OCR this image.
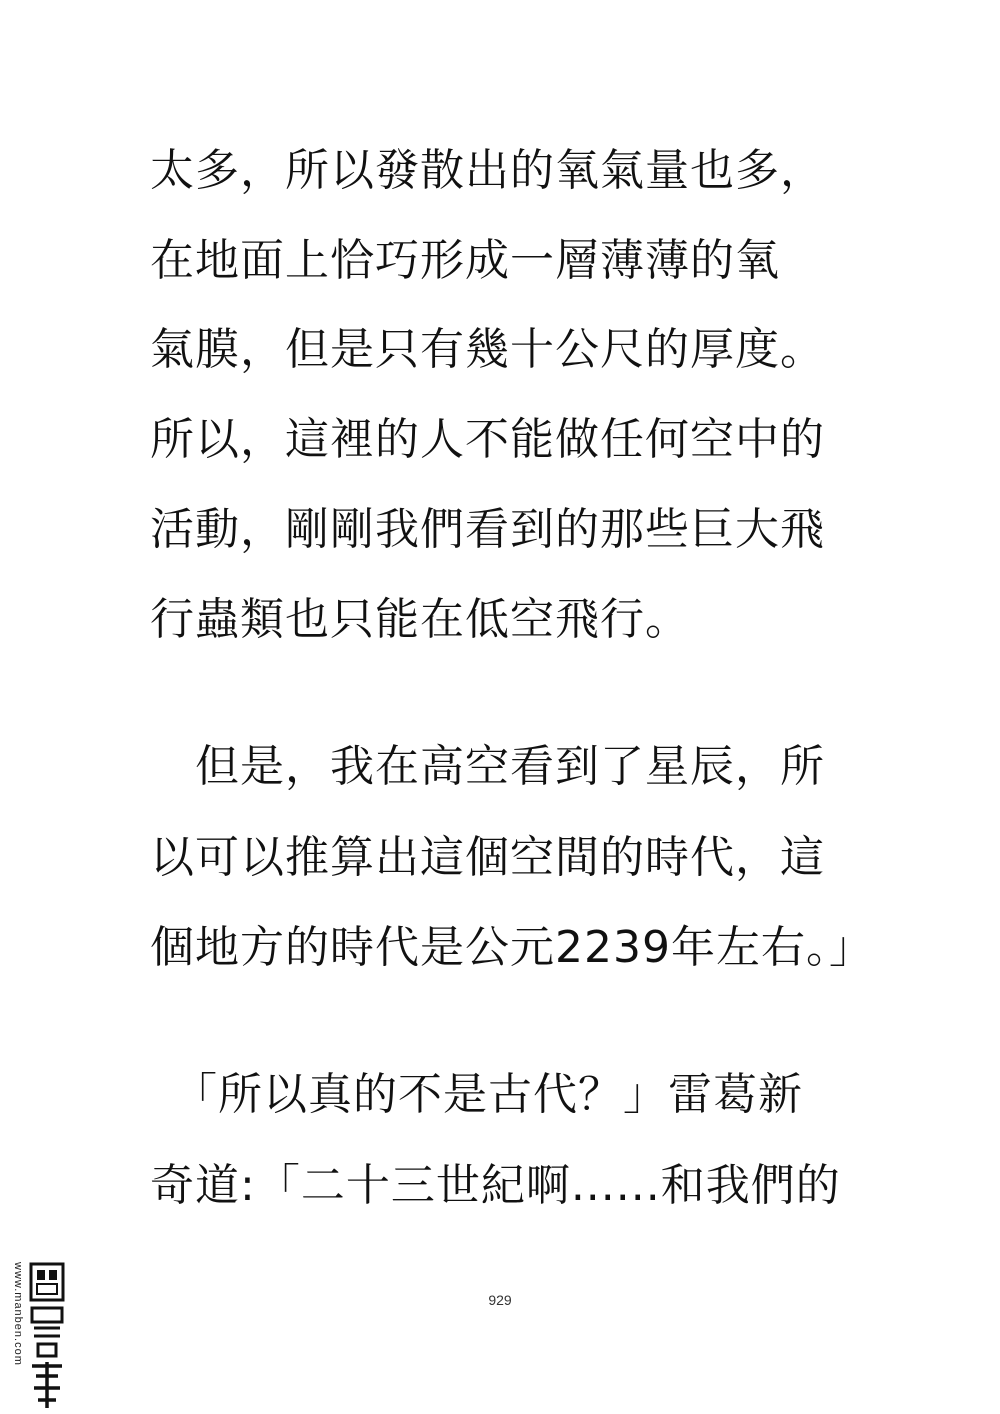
太多，所以發散出的氧氣量也多，
在地面上恰巧形成一層薄薄的氧
氣膜，但是只有幾十公尺的厚度。
所以，這裡的人不能做任何空中的
活動，剛剛我們看到的那些巨大飛
行蟲類也只能在低空飛行。
　但是，我在高空看到了星辰，所
以可以推算出這個空間的時代，這
個地方的時代是公元2239年左右。」
　「所以真的不是古代？」雷葛新
奇道:「二十三世紀啊......和我們的
929
www.manben.com
